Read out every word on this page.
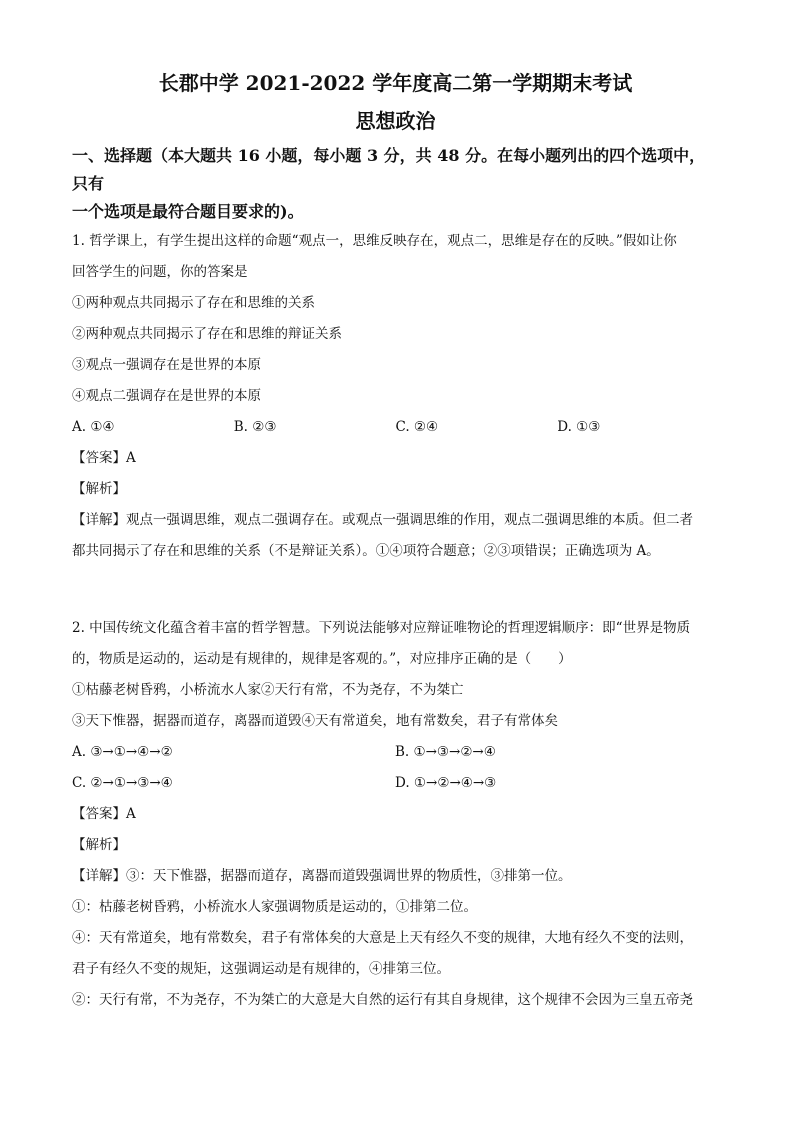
长郡中学 2021-2022 学年度高二第一学期期末考试
思想政治

一、选择题（本大题共 16 小题，每小题 3 分，共 48 分。在每小题列出的四个选项中，只有

一个选项是最符合题目要求的)。

1. 哲学课上，有学生提出这样的命题“观点一，思维反映存在，观点二，思维是存在的反映。”假如让你

回答学生的问题，你的答案是

①两种观点共同揭示了存在和思维的关系

②两种观点共同揭示了存在和思维的辩证关系

③观点一强调存在是世界的本原

④观点二强调存在是世界的本原

A. ①④	B. ②③	C. ②④	D. ①③

【答案】A

【解析】

【详解】观点一强调思维，观点二强调存在。或观点一强调思维的作用，观点二强调思维的本质。但二者

都共同揭示了存在和思维的关系（不是辩证关系）。①④项符合题意；②③项错误；正确选项为 A。

2. 中国传统文化蕴含着丰富的哲学智慧。下列说法能够对应辩证唯物论的哲理逻辑顺序：即“世界是物质

的，物质是运动的，运动是有规律的，规律是客观的。”，对应排序正确的是（　　）

①枯藤老树昏鸦，小桥流水人家②天行有常，不为尧存，不为桀亡

③天下惟器，据器而道存，离器而道毁④天有常道矣，地有常数矣，君子有常体矣

A. ③→①→④→②	B. ①→③→②→④
C. ②→①→③→④	D. ①→②→④→③

【答案】A

【解析】

【详解】③：天下惟器，据器而道存，离器而道毁强调世界的物质性，③排第一位。

①：枯藤老树昏鸦，小桥流水人家强调物质是运动的，①排第二位。

④：天有常道矣，地有常数矣，君子有常体矣的大意是上天有经久不变的规律，大地有经久不变的法则，

君子有经久不变的规矩，这强调运动是有规律的，④排第三位。

②：天行有常，不为尧存，不为桀亡的大意是大自然的运行有其自身规律，这个规律不会因为三皇五帝尧
